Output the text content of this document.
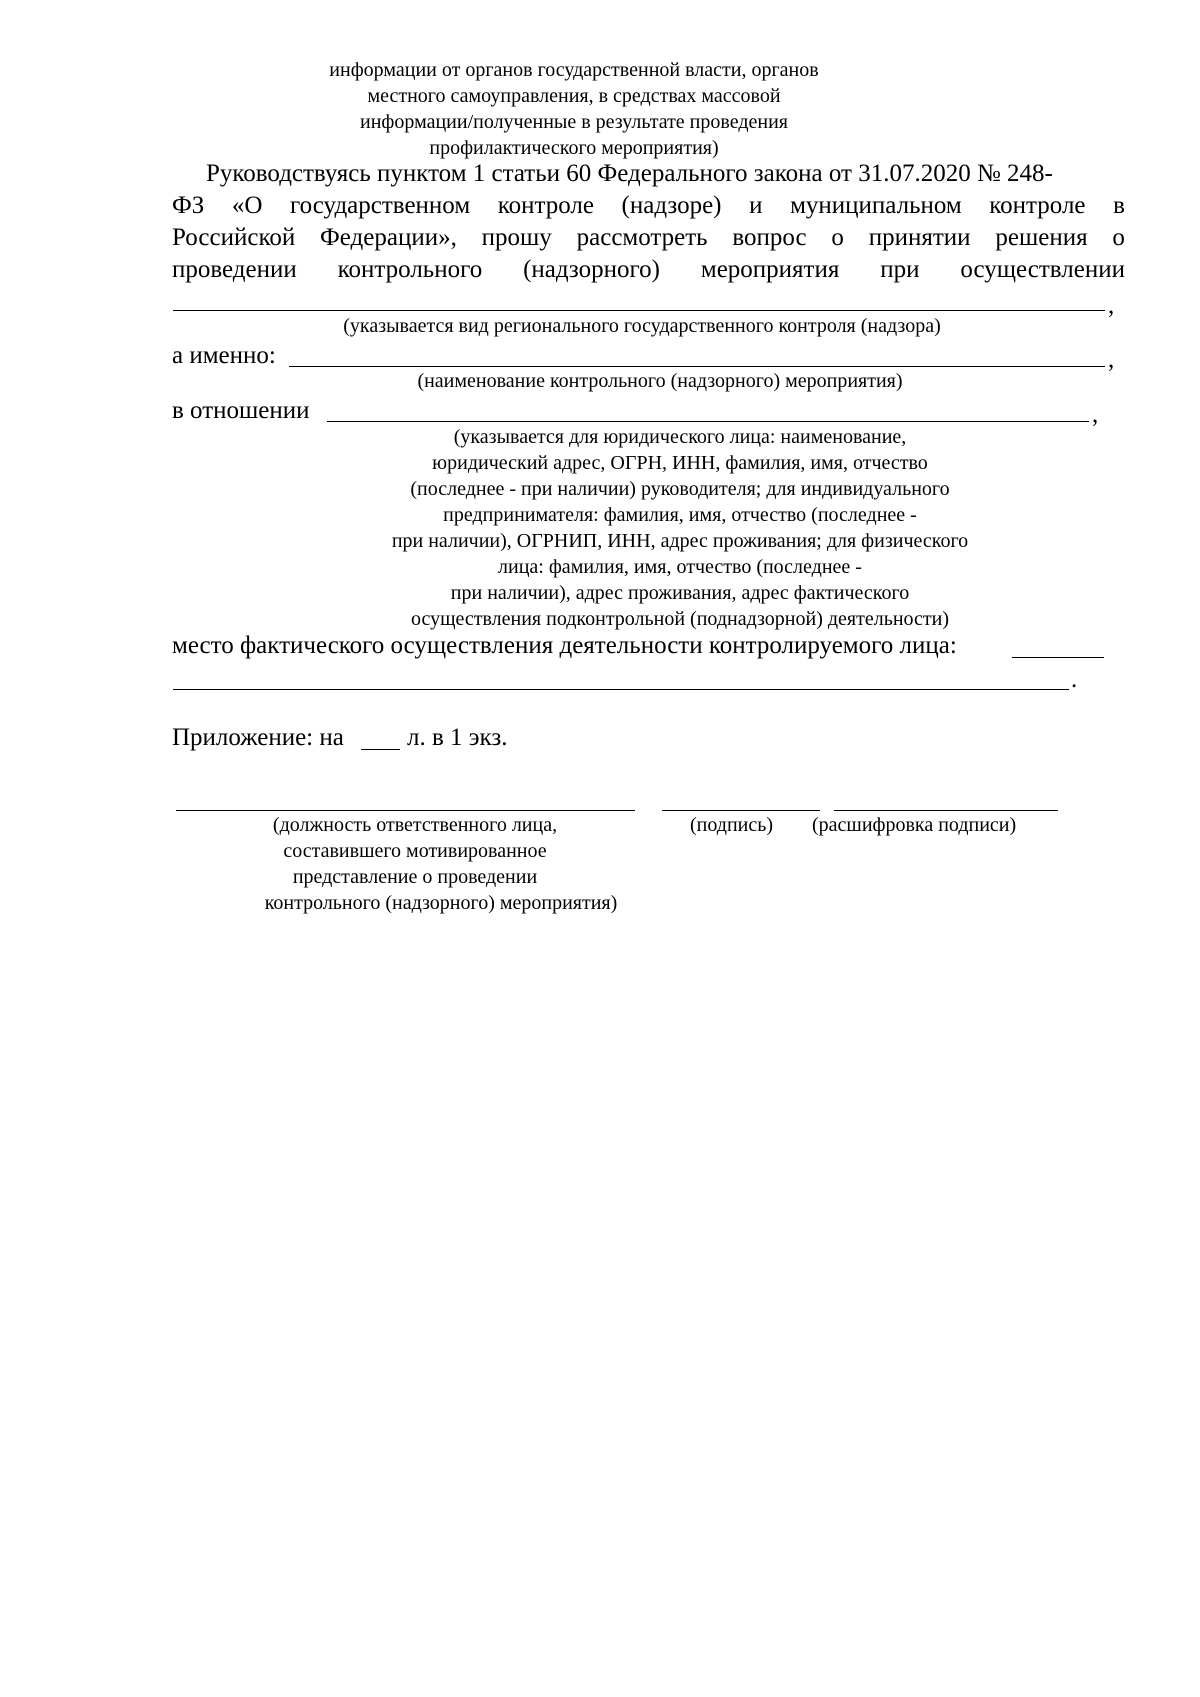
информации от органов государственной власти, органов
местного самоуправления, в средствах массовой
информации/полученные в результате проведения
профилактического мероприятия)
Руководствуясь пунктом 1 статьи 60 Федерального закона от 31.07.2020 № 248-
ФЗ «О государственном контроле (надзоре) и муниципальном контроле в
Российской Федерации», прошу рассмотреть вопрос о принятии решения о
проведении контрольного (надзорного) мероприятия при осуществлении
,
(указывается вид регионального государственного контроля (надзора)
а именно:	,
(наименование контрольного (надзорного) мероприятия)
в отношении	,
(указывается для юридического лица: наименование,
юридический адрес, ОГРН, ИНН, фамилия, имя, отчество
(последнее - при наличии) руководителя; для индивидуального
предпринимателя: фамилия, имя, отчество (последнее -
при наличии), ОГРНИП, ИНН, адрес проживания; для физического
лица: фамилия, имя, отчество (последнее -
при наличии), адрес проживания, адрес фактического
осуществления подконтрольной (поднадзорной) деятельности)
место фактического осуществления деятельности контролируемого лица:
.
Приложение: на	л. в 1 экз.
(должность ответственного лица,
составившего мотивированное
представление о проведении
контрольного (надзорного) мероприятия)
(подпись) (расшифровка подписи)
